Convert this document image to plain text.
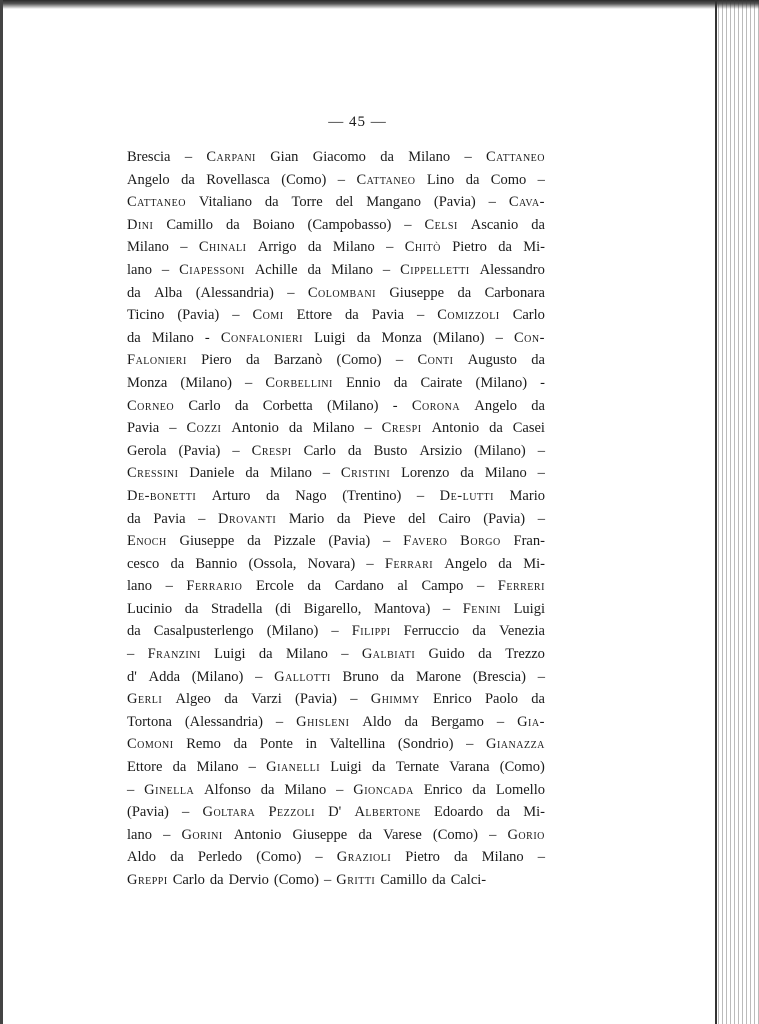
— 45 —
Brescia – Carpani Gian Giacomo da Milano – Cattaneo
Angelo da Rovellasca (Como) – Cattaneo Lino da Como –
Cattaneo Vitaliano da Torre del Mangano (Pavia) – Cava-
Dini Camillo da Boiano (Campobasso) – Celsi Ascanio da
Milano – Chinali Arrigo da Milano – Chitò Pietro da Mi-
lano – Ciapessoni Achille da Milano – Cippelletti Alessandro
da Alba (Alessandria) – Colombani Giuseppe da Carbonara
Ticino (Pavia) – Comi Ettore da Pavia – Comizzoli Carlo
da Milano - Confalonieri Luigi da Monza (Milano) – Con-
Falonieri Piero da Barzanò (Como) – Conti Augusto da
Monza (Milano) – Corbellini Ennio da Cairate (Milano) -
Corneo Carlo da Corbetta (Milano) - Corona Angelo da
Pavia – Cozzi Antonio da Milano – Crespi Antonio da Casei
Gerola (Pavia) – Crespi Carlo da Busto Arsizio (Milano) –
Cressini Daniele da Milano – Cristini Lorenzo da Milano –
De-bonetti Arturo da Nago (Trentino) – De-lutti Mario
da Pavia – Drovanti Mario da Pieve del Cairo (Pavia) –
Enoch Giuseppe da Pizzale (Pavia) – Favero Borgo Fran-
cesco da Bannio (Ossola, Novara) – Ferrari Angelo da Mi-
lano – Ferrario Ercole da Cardano al Campo – Ferreri
Lucinio da Stradella (di Bigarello, Mantova) – Fenini Luigi
da Casalpusterlengo (Milano) – Filippi Ferruccio da Venezia
– Franzini Luigi da Milano – Galbiati Guido da Trezzo
d' Adda (Milano) – Gallotti Bruno da Marone (Brescia) –
Gerli Algeo da Varzi (Pavia) – Ghimmy Enrico Paolo da
Tortona (Alessandria) – Ghisleni Aldo da Bergamo – Gia-
Comoni Remo da Ponte in Valtellina (Sondrio) – Gianazza
Ettore da Milano – Gianelli Luigi da Ternate Varana (Como)
– Ginella Alfonso da Milano – Gioncada Enrico da Lomello
(Pavia) – Goltara Pezzoli D' Albertone Edoardo da Mi-
lano – Gorini Antonio Giuseppe da Varese (Como) – Gorio
Aldo da Perledo (Como) – Grazioli Pietro da Milano –
Greppi Carlo da Dervio (Como) – Gritti Camillo da Calci-
